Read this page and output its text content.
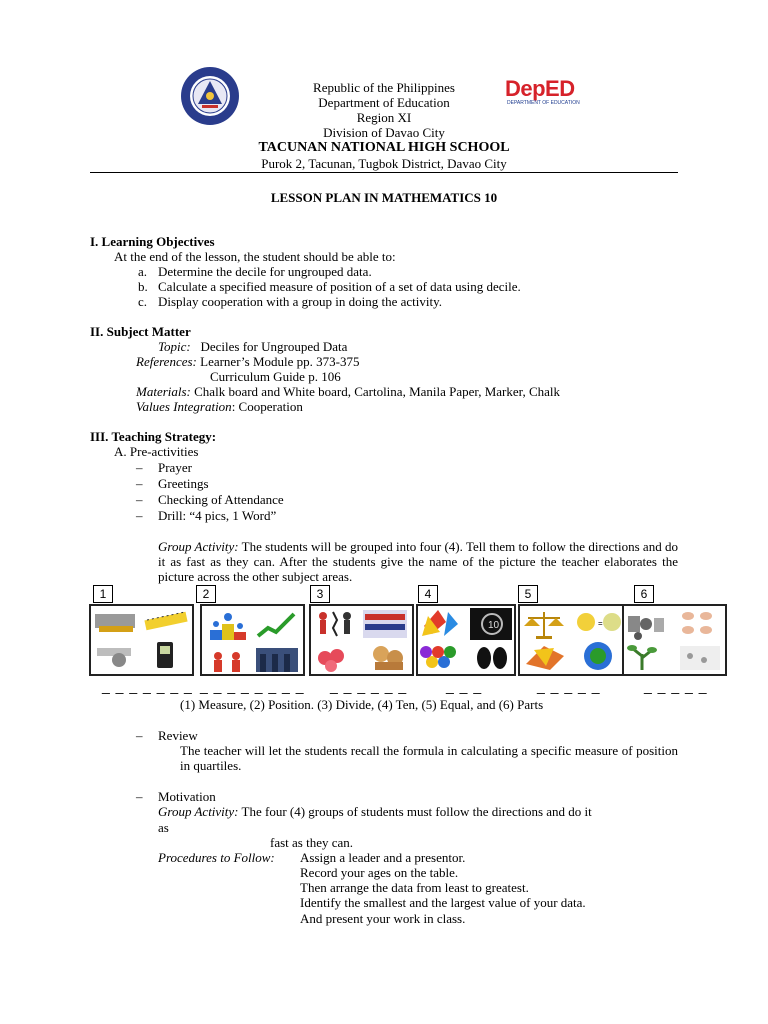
Republic of the Philippines
Department of Education
Region XI
Division of Davao City
TACUNAN NATIONAL HIGH SCHOOL
Purok 2, Tacunan, Tugbok District, Davao City
DepED
DEPARTMENT OF EDUCATION
LESSON PLAN IN MATHEMATICS 10
I. Learning Objectives
At the end of the lesson, the student should be able to:
a. Determine the decile for ungrouped data.
b. Calculate a specified measure of position of a set of data using decile.
c. Display cooperation with a group in doing the activity.
II. Subject Matter
Topic: Deciles for Ungrouped Data
References: Learner’s Module pp. 373-375
Curriculum Guide p. 106
Materials: Chalk board and White board, Cartolina, Manila Paper, Marker, Chalk
Values Integration: Cooperation
III. Teaching Strategy:
A. Pre-activities
– Prayer
– Greetings
– Checking of Attendance
– Drill: “4 pics, 1 Word”
Group Activity: The students will be grouped into four (4). Tell them to follow the directions and do it as fast as they can. After the students give the name of the picture the teacher elaborates the picture across the other subject areas.
1	2	3	4	5	6
10	=
_ _ _ _ _ _ _ _ _ _ _ _ _ _ _ _ _ _ _ _ _	_ _ _	_ _ _ _ _	_ _ _ _ _
(1) Measure, (2) Position. (3) Divide, (4) Ten, (5) Equal, and (6) Parts
– Review
The teacher will let the students recall the formula in calculating a specific measure of position in quartiles.
– Motivation
Group Activity: The four (4) groups of students must follow the directions and do it
as
fast as they can.
Procedures to Follow: Assign a leader and a presentor.
Record your ages on the table.
Then arrange the data from least to greatest.
Identify the smallest and the largest value of your data.
And present your work in class.
